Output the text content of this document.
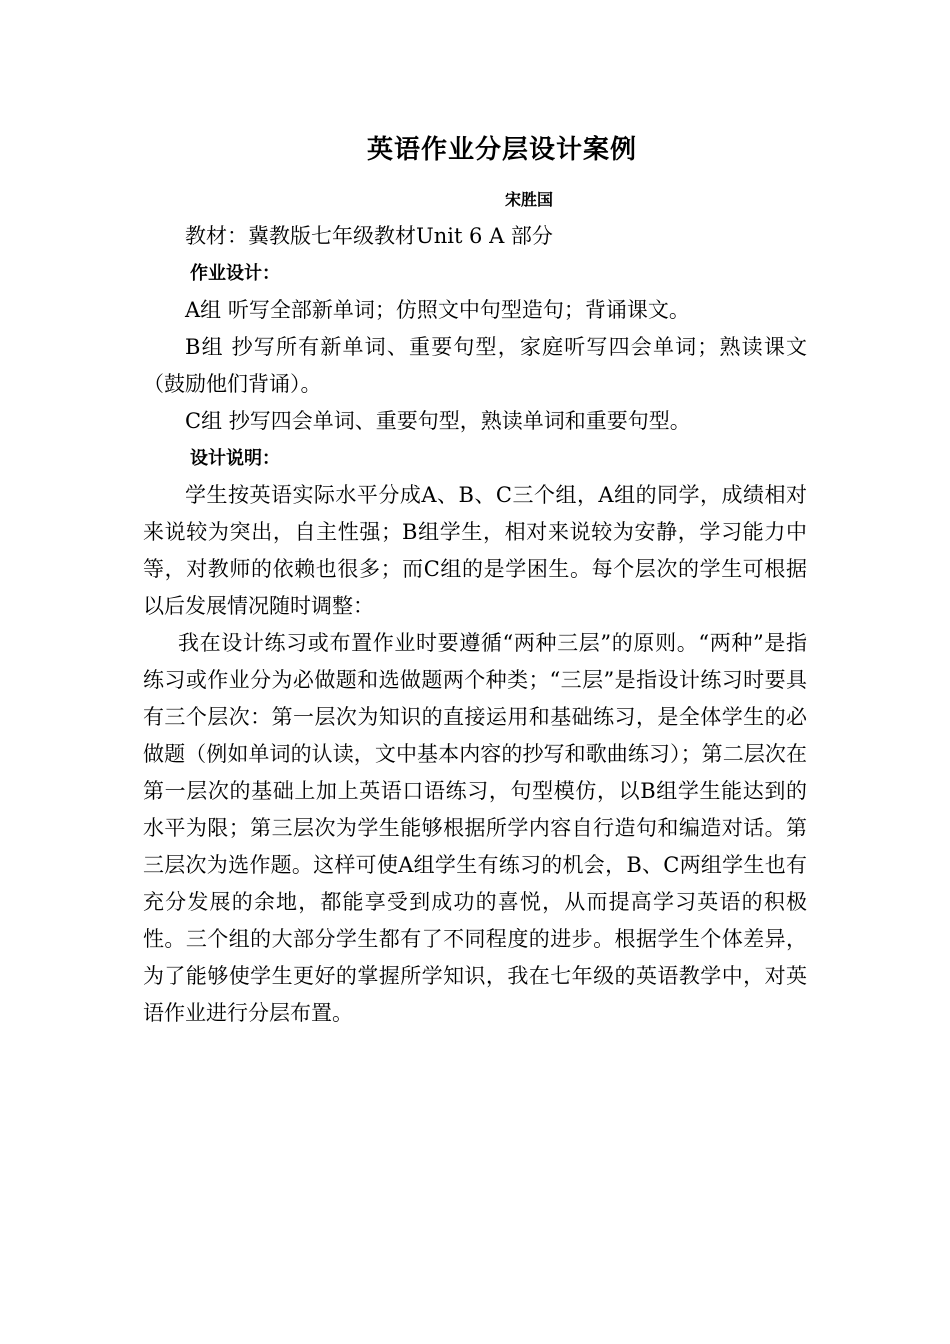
英语作业分层设计案例
宋胜国

教材：冀教版七年级教材Unit 6 A 部分

作业设计：

A组 听写全部新单词；仿照文中句型造句；背诵课文。

B组 抄写所有新单词、重要句型，家庭听写四会单词；熟读课文（鼓励他们背诵）。

C组 抄写四会单词、重要句型，熟读单词和重要句型。

设计说明：

学生按英语实际水平分成A、B、C三个组，A组的同学，成绩相对来说较为突出，自主性强；B组学生，相对来说较为安静，学习能力中等，对教师的依赖也很多；而C组的是学困生。每个层次的学生可根据以后发展情况随时调整：

我在设计练习或布置作业时要遵循“两种三层”的原则。“两种”是指练习或作业分为必做题和选做题两个种类；“三层”是指设计练习时要具有三个层次：第一层次为知识的直接运用和基础练习，是全体学生的必做题（例如单词的认读，文中基本内容的抄写和歌曲练习）；第二层次在第一层次的基础上加上英语口语练习，句型模仿，以B组学生能达到的水平为限；第三层次为学生能够根据所学内容自行造句和编造对话。第三层次为选作题。这样可使A组学生有练习的机会，B、C两组学生也有充分发展的余地，都能享受到成功的喜悦，从而提高学习英语的积极性。三个组的大部分学生都有了不同程度的进步。根据学生个体差异，为了能够使学生更好的掌握所学知识，我在七年级的英语教学中，对英语作业进行分层布置。
